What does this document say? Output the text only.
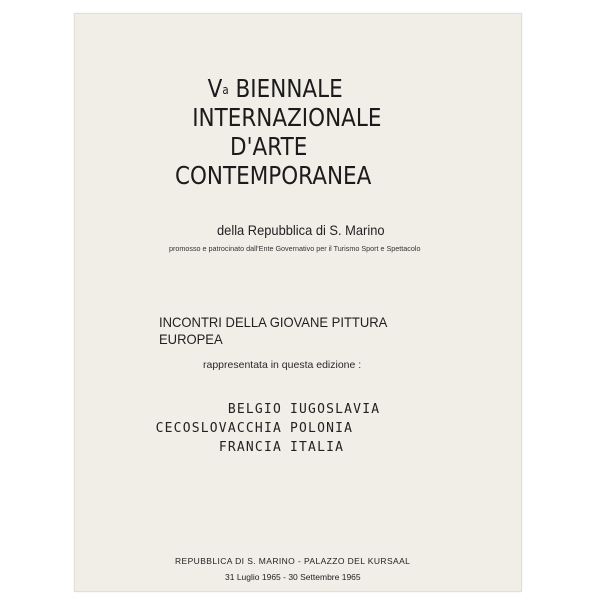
$V^a$ BIENNALE
INTERNAZIONALE
D'ARTE
CONTEMPORANEA
della Repubblica di S. Marino
promosso e patrocinato dall'Ente Governativo per il Turismo Sport e Spettacolo
INCONTRI DELLA GIOVANE PITTURA
EUROPEA
rappresentata in questa edizione :
BELGIO IUGOSLAVIA
CECOSLOVACCHIA POLONIA
FRANCIA ITALIA
REPUBBLICA DI S. MARINO - PALAZZO DEL KURSAAL
31 Luglio 1965 - 30 Settembre 1965
